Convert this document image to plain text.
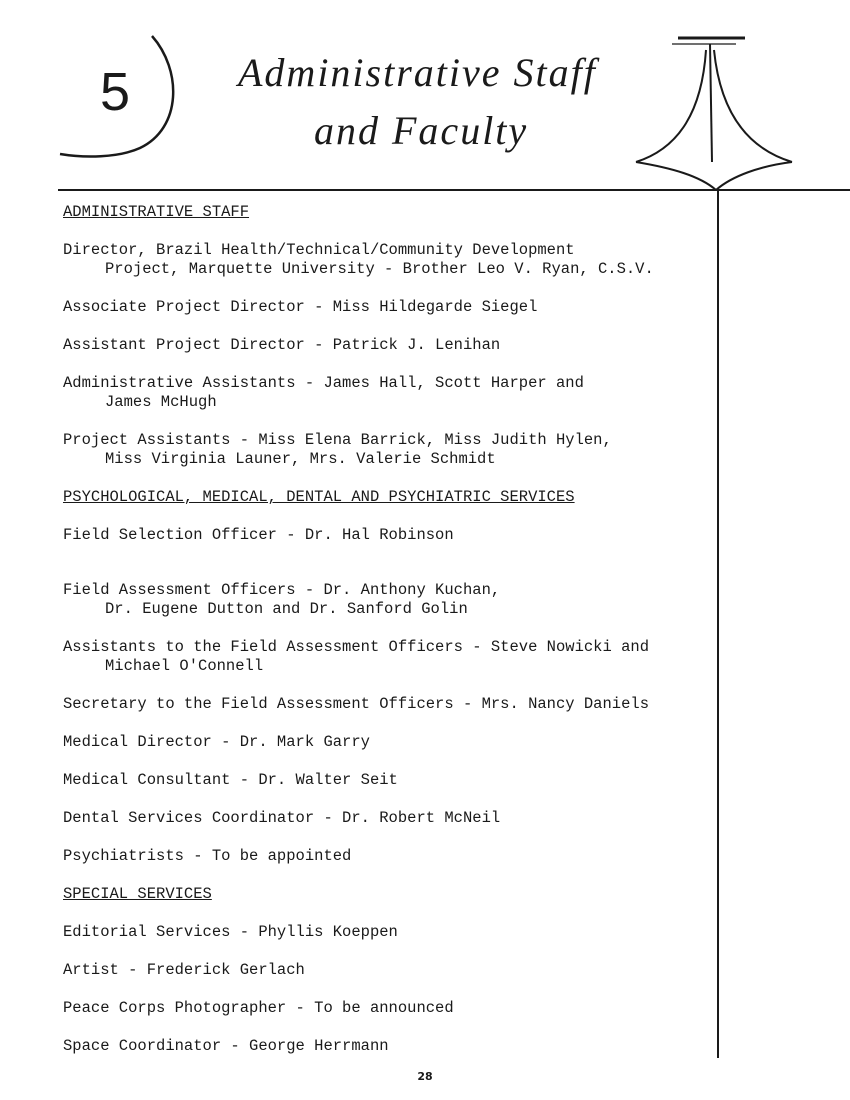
5	Administrative Staff
and Faculty

ADMINISTRATIVE STAFF

Director, Brazil Health/Technical/Community Development

Project, Marquette University - Brother Leo V. Ryan, C.S.V.

Associate Project Director - Miss Hildegarde Siegel

Assistant Project Director - Patrick J. Lenihan

Administrative Assistants - James Hall, Scott Harper and

James McHugh

Project Assistants - Miss Elena Barrick, Miss Judith Hylen,

Miss Virginia Launer, Mrs. Valerie Schmidt

PSYCHOLOGICAL, MEDICAL, DENTAL AND PSYCHIATRIC SERVICES

Field Selection Officer - Dr. Hal Robinson

Field Assessment Officers - Dr. Anthony Kuchan,

Dr. Eugene Dutton and Dr. Sanford Golin

Assistants to the Field Assessment Officers - Steve Nowicki and

Michael O'Connell

Secretary to the Field Assessment Officers - Mrs. Nancy Daniels

Medical Director - Dr. Mark Garry

Medical Consultant - Dr. Walter Seit

Dental Services Coordinator - Dr. Robert McNeil

Psychiatrists - To be appointed

SPECIAL SERVICES

Editorial Services - Phyllis Koeppen

Artist - Frederick Gerlach

Peace Corps Photographer - To be announced

Space Coordinator - George Herrmann

28
